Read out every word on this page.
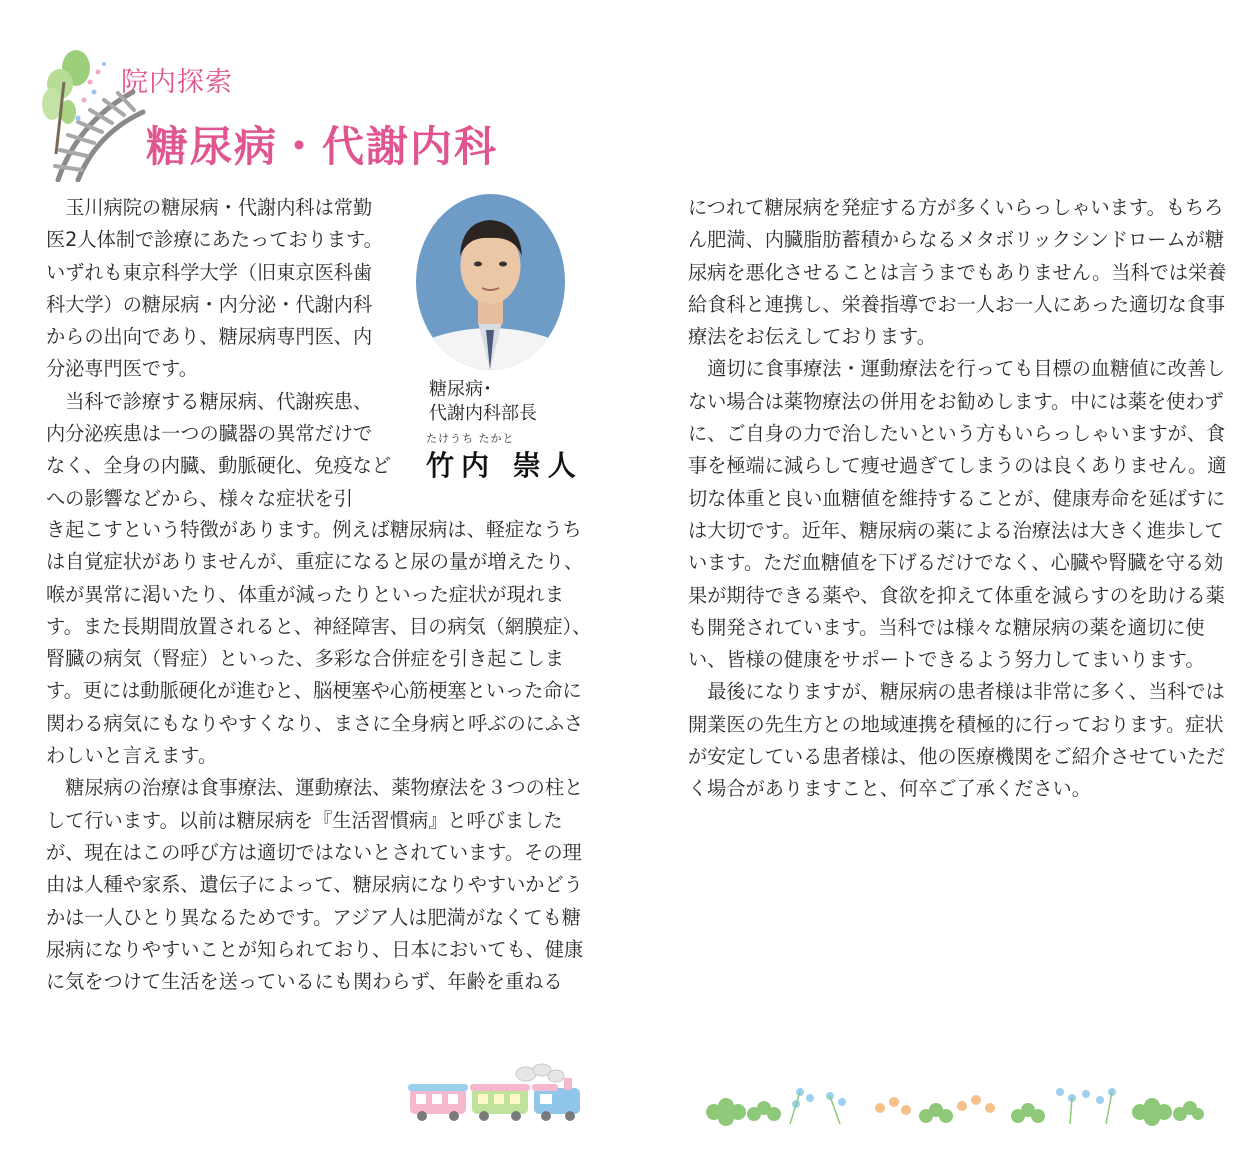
院内探索
糖尿病・代謝内科

玉川病院の糖尿病・代謝内科は常勤医2人体制で診療にあたっております。いずれも東京科学大学（旧東京医科歯科大学）の糖尿病・内分泌・代謝内科からの出向であり、糖尿病専門医、内分泌専門医です。

当科で診療する糖尿病、代謝疾患、内分泌疾患は一つの臓器の異常だけでなく、全身の内臓、動脈硬化、免疫などへの影響などから、様々な症状を引

糖尿病･
代謝内科部長
たけうち たかと
竹内 崇人

き起こすという特徴があります。例えば糖尿病は、軽症なうちは自覚症状がありませんが、重症になると尿の量が増えたり、喉が異常に渇いたり、体重が減ったりといった症状が現れます。また長期間放置されると、神経障害、目の病気（網膜症）、腎臓の病気（腎症）といった、多彩な合併症を引き起こします。更には動脈硬化が進むと、脳梗塞や心筋梗塞といった命に関わる病気にもなりやすくなり、まさに全身病と呼ぶのにふさわしいと言えます。

糖尿病の治療は食事療法、運動療法、薬物療法を３つの柱として行います。以前は糖尿病を『生活習慣病』と呼びましたが、現在はこの呼び方は適切ではないとされています。その理由は人種や家系、遺伝子によって、糖尿病になりやすいかどうかは一人ひとり異なるためです。アジア人は肥満がなくても糖尿病になりやすいことが知られており、日本においても、健康に気をつけて生活を送っているにも関わらず、年齢を重ねる

につれて糖尿病を発症する方が多くいらっしゃいます。もちろん肥満、内臓脂肪蓄積からなるメタボリックシンドロームが糖尿病を悪化させることは言うまでもありません。当科では栄養給食科と連携し、栄養指導でお一人お一人にあった適切な食事療法をお伝えしております。

適切に食事療法・運動療法を行っても目標の血糖値に改善しない場合は薬物療法の併用をお勧めします。中には薬を使わずに、ご自身の力で治したいという方もいらっしゃいますが、食事を極端に減らして痩せ過ぎてしまうのは良くありません。適切な体重と良い血糖値を維持することが、健康寿命を延ばすには大切です。近年、糖尿病の薬による治療法は大きく進歩しています。ただ血糖値を下げるだけでなく、心臓や腎臓を守る効果が期待できる薬や、食欲を抑えて体重を減らすのを助ける薬も開発されています。当科では様々な糖尿病の薬を適切に使い、皆様の健康をサポートできるよう努力してまいります。

最後になりますが、糖尿病の患者様は非常に多く、当科では開業医の先生方との地域連携を積極的に行っております。症状が安定している患者様は、他の医療機関をご紹介させていただく場合がありますこと、何卒ご了承ください。
